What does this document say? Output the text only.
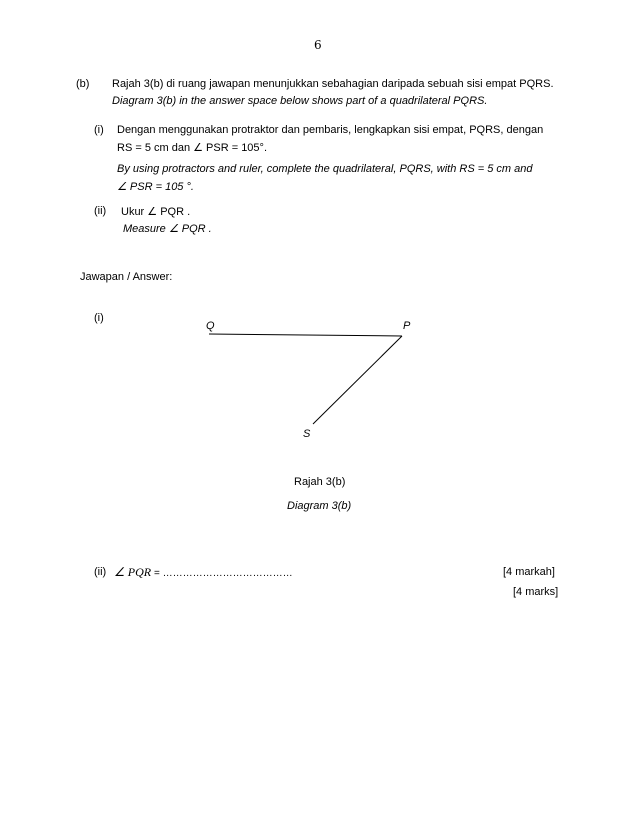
6
(b) Rajah 3(b) di ruang jawapan menunjukkan sebahagian daripada sebuah sisi empat PQRS.
Diagram 3(b) in the answer space below shows part of a quadrilateral PQRS.
(i) Dengan menggunakan protraktor dan pembaris, lengkapkan sisi empat, PQRS, dengan
RS = 5 cm dan ∠ PSR = 105°.
By using protractors and ruler, complete the quadrilateral, PQRS, with RS = 5 cm and
∠ PSR = 105 °.
(ii) Ukur ∠ PQR .
Measure ∠ PQR .
Jawapan / Answer:
(i)
Q	P
S
Rajah 3(b)
Diagram 3(b)
(ii) ∠ PQR = …………………………………	[4 markah]
[4 marks]
